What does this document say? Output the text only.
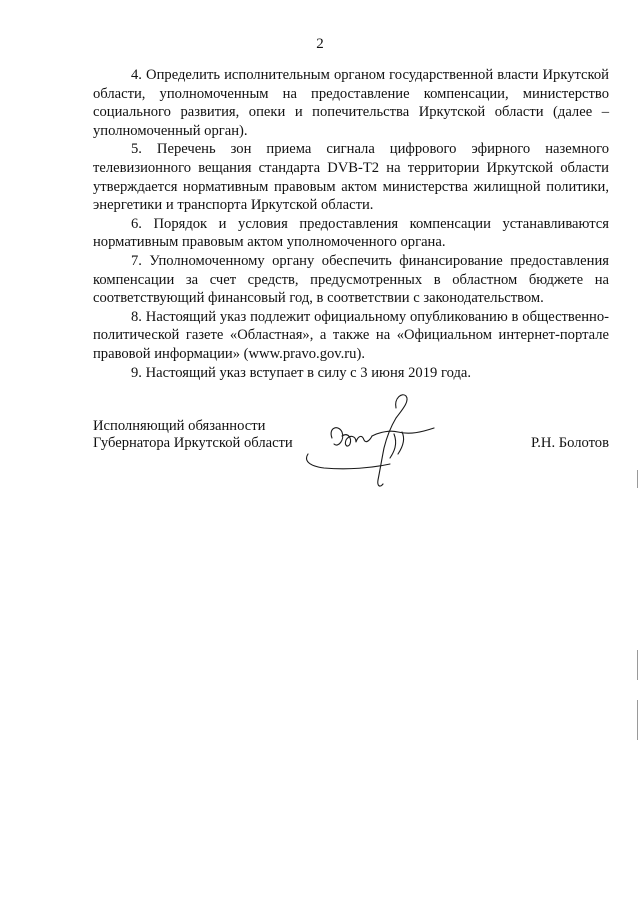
2

4. Определить исполнительным органом государственной власти Иркутской области, уполномоченным на предоставление компенсации, министерство социального развития, опеки и попечительства Иркутской области (далее – уполномоченный орган).

5. Перечень зон приема сигнала цифрового эфирного наземного телевизионного вещания стандарта DVB-T2 на территории Иркутской области утверждается нормативным правовым актом министерства жилищной политики, энергетики и транспорта Иркутской области.

6. Порядок и условия предоставления компенсации устанавливаются нормативным правовым актом уполномоченного органа.

7. Уполномоченному органу обеспечить финансирование предоставления компенсации за счет средств, предусмотренных в областном бюджете на соответствующий финансовый год, в соответствии с законодательством.

8. Настоящий указ подлежит официальному опубликованию в общественно-политической газете «Областная», а также на «Официальном интернет-портале правовой информации» (www.pravo.gov.ru).

9. Настоящий указ вступает в силу с 3 июня 2019 года.

Исполняющий обязанности
Губернатора Иркутской области	Р.Н. Болотов
